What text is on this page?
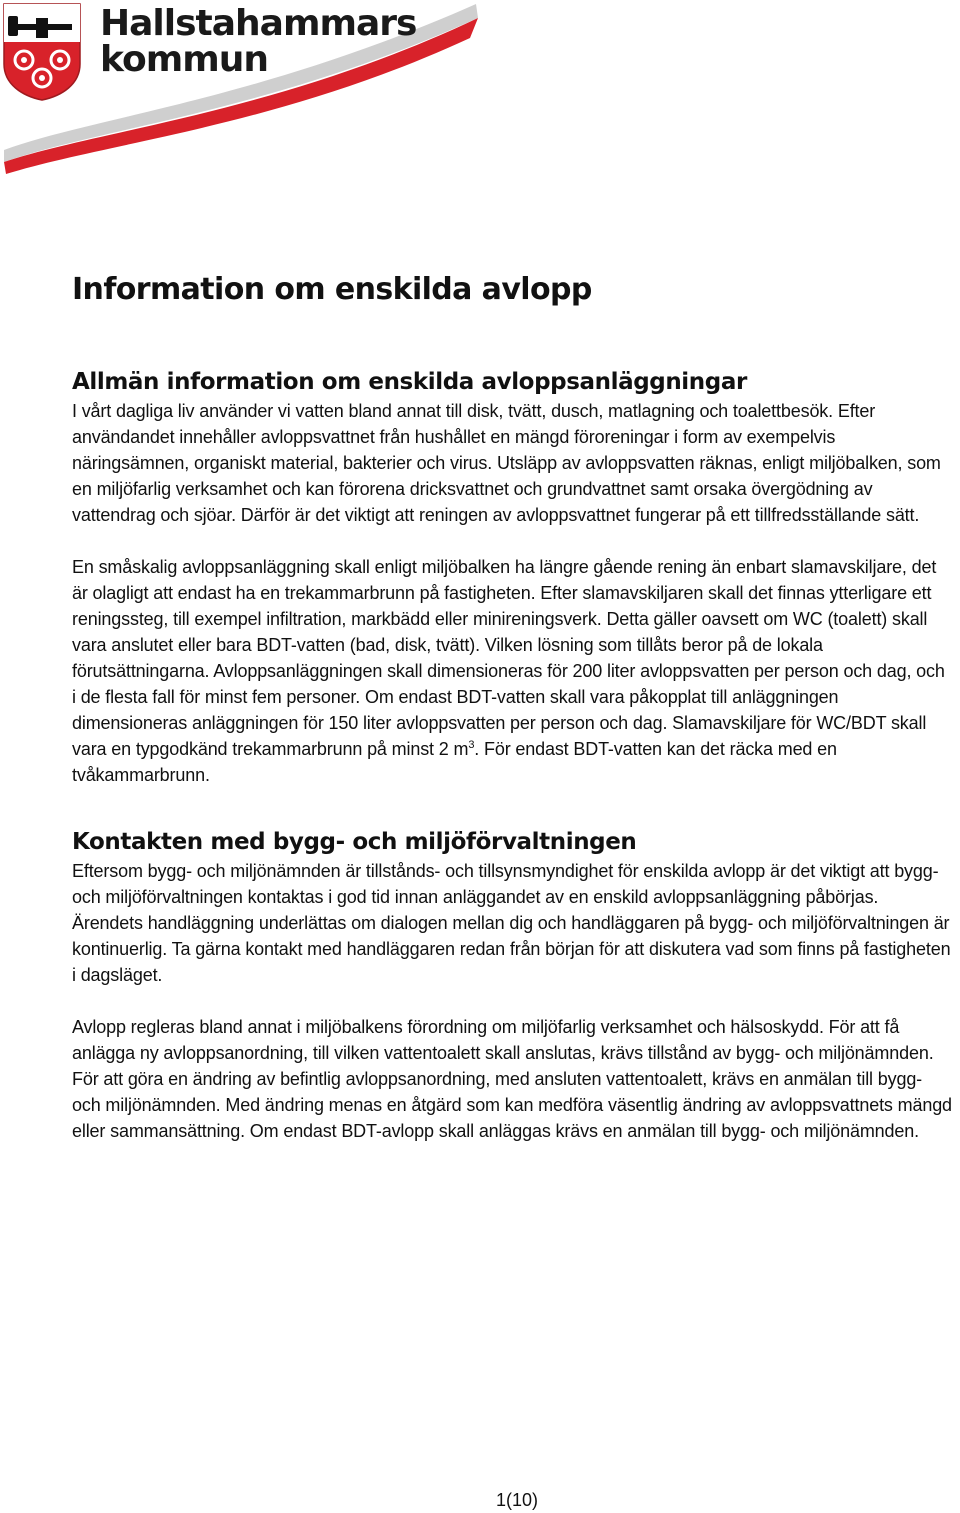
Hallstahammars
kommun
Information om enskilda avlopp
Allmän information om enskilda avloppsanläggningar

I vårt dagliga liv använder vi vatten bland annat till disk, tvätt, dusch, matlagning och toalettbesök. Efter användandet innehåller avloppsvattnet från hushållet en mängd föroreningar i form av exempelvis näringsämnen, organiskt material, bakterier och virus. Utsläpp av avloppsvatten räknas, enligt miljöbalken, som en miljöfarlig verksamhet och kan förorena dricksvattnet och grundvattnet samt orsaka övergödning av vattendrag och sjöar. Därför är det viktigt att reningen av avloppsvattnet fungerar på ett tillfredsställande sätt.

En småskalig avloppsanläggning skall enligt miljöbalken ha längre gående rening än enbart slamavskiljare, det är olagligt att endast ha en trekammarbrunn på fastigheten. Efter slamavskiljaren skall det finnas ytterligare ett reningssteg, till exempel infiltration, markbädd eller minireningsverk. Detta gäller oavsett om WC (toalett) skall vara anslutet eller bara BDT-vatten (bad, disk, tvätt). Vilken lösning som tillåts beror på de lokala förutsättningarna. Avloppsanläggningen skall dimensioneras för 200 liter avloppsvatten per person och dag, och i de flesta fall för minst fem personer. Om endast BDT-vatten skall vara påkopplat till anläggningen dimensioneras anläggningen för 150 liter avloppsvatten per person och dag. Slamavskiljare för WC/BDT skall vara en typgodkänd trekammarbrunn på minst 2 $m^3$. För endast BDT-vatten kan det räcka med en tvåkammarbrunn.

Kontakten med bygg- och miljöförvaltningen

Eftersom bygg- och miljönämnden är tillstånds- och tillsynsmyndighet för enskilda avlopp är det viktigt att bygg- och miljöförvaltningen kontaktas i god tid innan anläggandet av en enskild avloppsanläggning påbörjas. Ärendets handläggning underlättas om dialogen mellan dig och handläggaren på bygg- och miljöförvaltningen är kontinuerlig. Ta gärna kontakt med handläggaren redan från början för att diskutera vad som finns på fastigheten i dagsläget.

Avlopp regleras bland annat i miljöbalkens förordning om miljöfarlig verksamhet och hälsoskydd. För att få anlägga ny avloppsanordning, till vilken vattentoalett skall anslutas, krävs tillstånd av bygg- och miljönämnden. För att göra en ändring av befintlig avloppsanordning, med ansluten vattentoalett, krävs en anmälan till bygg- och miljönämnden. Med ändring menas en åtgärd som kan medföra väsentlig ändring av avloppsvattnets mängd eller sammansättning. Om endast BDT-avlopp skall anläggas krävs en anmälan till bygg- och miljönämnden.

1(10)
